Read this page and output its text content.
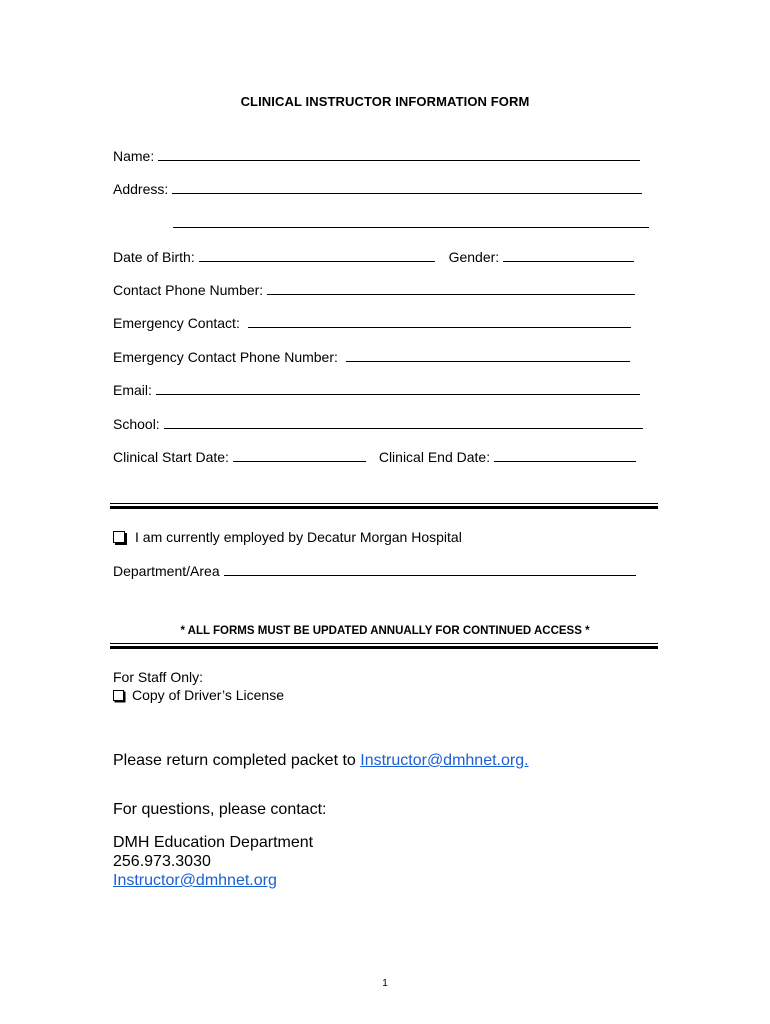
CLINICAL INSTRUCTOR INFORMATION FORM
Name:
Address:
Date of Birth:	Gender:
Contact Phone Number:
Emergency Contact:
Emergency Contact Phone Number:
Email:
School:
Clinical Start Date:	Clinical End Date:
I am currently employed by Decatur Morgan Hospital
Department/Area
* ALL FORMS MUST BE UPDATED ANNUALLY FOR CONTINUED ACCESS *
For Staff Only:
Copy of Driver’s License
Please return completed packet to Instructor@dmhnet.org.
For questions, please contact:
DMH Education Department
256.973.3030
Instructor@dmhnet.org
1
